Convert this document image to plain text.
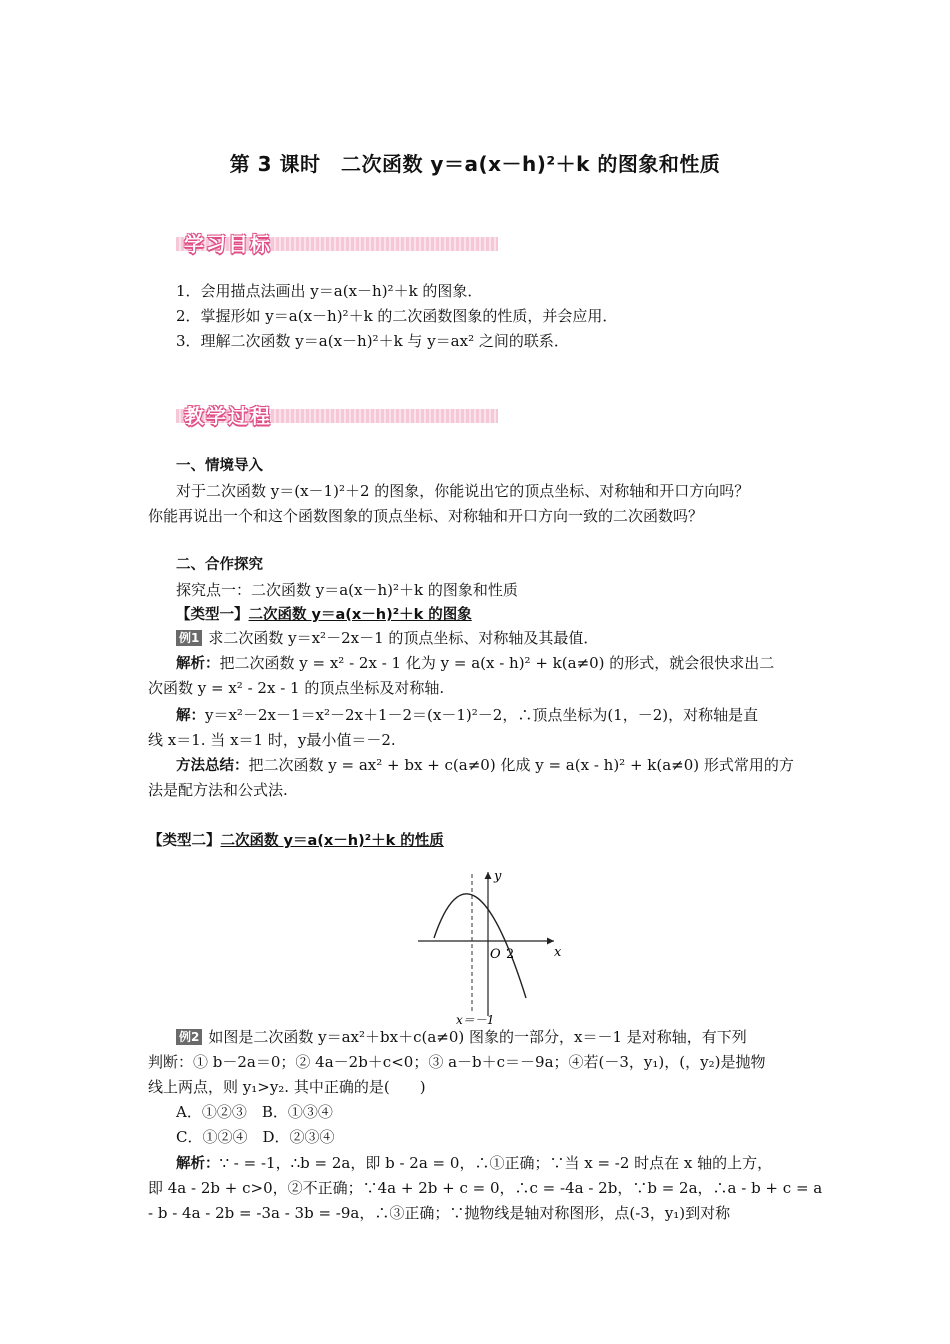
第 3 课时　二次函数 y＝a(x－h)²＋k 的图象和性质
学习目标
1．会用描点法画出 y＝a(x－h)²＋k 的图象．
2．掌握形如 y＝a(x－h)²＋k 的二次函数图象的性质，并会应用．
3．理解二次函数 y＝a(x－h)²＋k 与 y＝ax² 之间的联系．
教学过程
一、情境导入
对于二次函数 y＝(x－1)²＋2 的图象，你能说出它的顶点坐标、对称轴和开口方向吗？
你能再说出一个和这个函数图象的顶点坐标、对称轴和开口方向一致的二次函数吗？
二、合作探究
探究点一：二次函数 y＝a(x－h)²＋k 的图象和性质
【类型一】二次函数 y＝a(x－h)²＋k 的图象
例1 求二次函数 y＝x²－2x－1 的顶点坐标、对称轴及其最值．
解析：把二次函数 y = x² - 2x - 1 化为 y = a(x - h)² + k(a≠0) 的形式，就会很快求出二
次函数 y = x² - 2x - 1 的顶点坐标及对称轴.
解：y＝x²－2x－1＝x²－2x＋1－2＝(x－1)²－2，∴顶点坐标为(1，－2)，对称轴是直
线 x＝1. 当 x＝1 时，y最小值＝－2.
方法总结：把二次函数 y = ax² + bx + c(a≠0) 化成 y = a(x - h)² + k(a≠0) 形式常用的方
法是配方法和公式法.
【类型二】二次函数 y＝a(x－h)²＋k 的性质
y
x
O 2
x＝－1
例2 如图是二次函数 y＝ax²＋bx＋c(a≠0) 图象的一部分，x＝－1 是对称轴，有下列
判断：① b－2a＝0；② 4a－2b＋c<0；③ a－b＋c＝－9a；④若(－3，y₁)，(，y₂)是抛物
线上两点，则 y₁>y₂. 其中正确的是(　　)
A．①②③　B．①③④
C．①②④　D．②③④
解析：∵ - = -1，∴b = 2a，即 b - 2a = 0，∴①正确；∵当 x = -2 时点在 x 轴的上方，
即 4a - 2b + c>0，②不正确；∵4a + 2b + c = 0，∴c = -4a - 2b，∵b = 2a，∴a - b + c = a
- b - 4a - 2b = -3a - 3b = -9a，∴③正确；∵抛物线是轴对称图形，点(-3，y₁)到对称
